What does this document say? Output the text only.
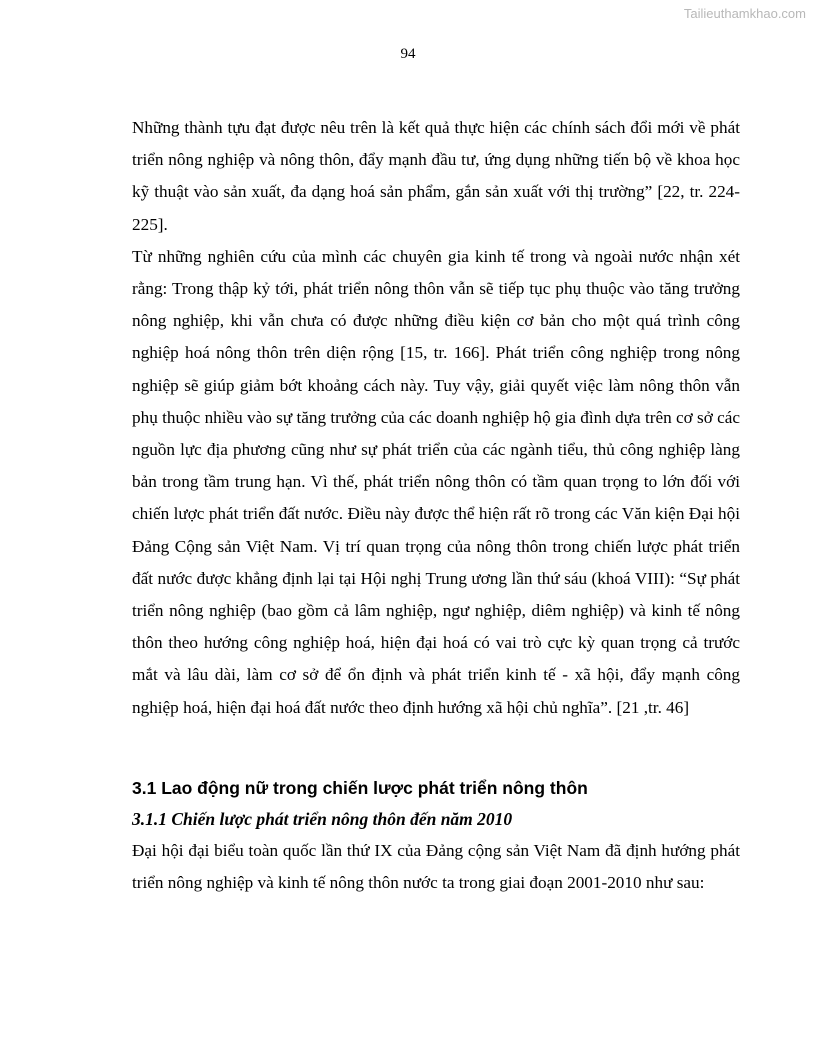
Tailieuthamkhao.com
94

Những thành tựu đạt được nêu trên là kết quả thực hiện các chính sách đổi mới về phát triển nông nghiệp và nông thôn, đẩy mạnh đầu tư, ứng dụng những tiến bộ về khoa học kỹ thuật vào sản xuất, đa dạng hoá sản phẩm, gắn sản xuất với thị trường” [22, tr. 224-225].

Từ những nghiên cứu của mình các chuyên gia kinh tế trong và ngoài nước nhận xét rằng: Trong thập kỷ tới, phát triển nông thôn vẫn sẽ tiếp tục phụ thuộc vào tăng trưởng nông nghiệp, khi vẫn chưa có được những điều kiện cơ bản cho một quá trình công nghiệp hoá nông thôn trên diện rộng [15, tr. 166]. Phát triển công nghiệp trong nông nghiệp sẽ giúp giảm bớt khoảng cách này. Tuy vậy, giải quyết việc làm nông thôn vẫn phụ thuộc nhiều vào sự tăng trưởng của các doanh nghiệp hộ gia đình dựa trên cơ sở các nguồn lực địa phương cũng như sự phát triển của các ngành tiểu, thủ công nghiệp làng bản trong tầm trung hạn. Vì thế, phát triển nông thôn có tầm quan trọng to lớn đối với chiến lược phát triển đất nước. Điều này được thể hiện rất rõ trong các Văn kiện Đại hội Đảng Cộng sản Việt Nam. Vị trí quan trọng của nông thôn trong chiến lược phát triển đất nước được khẳng định lại tại Hội nghị Trung ương lần thứ sáu (khoá VIII): “Sự phát triển nông nghiệp (bao gồm cả lâm nghiệp, ngư nghiệp, diêm nghiệp) và kinh tế nông thôn theo hướng công nghiệp hoá, hiện đại hoá có vai trò cực kỳ quan trọng cả trước mắt và lâu dài, làm cơ sở để ổn định và phát triển kinh tế - xã hội, đẩy mạnh công nghiệp hoá, hiện đại hoá đất nước theo định hướng xã hội chủ nghĩa”. [21 ,tr. 46]

3.1 Lao động nữ trong chiến lược phát triển nông thôn
3.1.1 Chiến lược phát triển nông thôn đến năm 2010

Đại hội đại biểu toàn quốc lần thứ IX của Đảng cộng sản Việt Nam đã định hướng phát triển nông nghiệp và kinh tế nông thôn nước ta trong giai đoạn 2001-2010 như sau:
